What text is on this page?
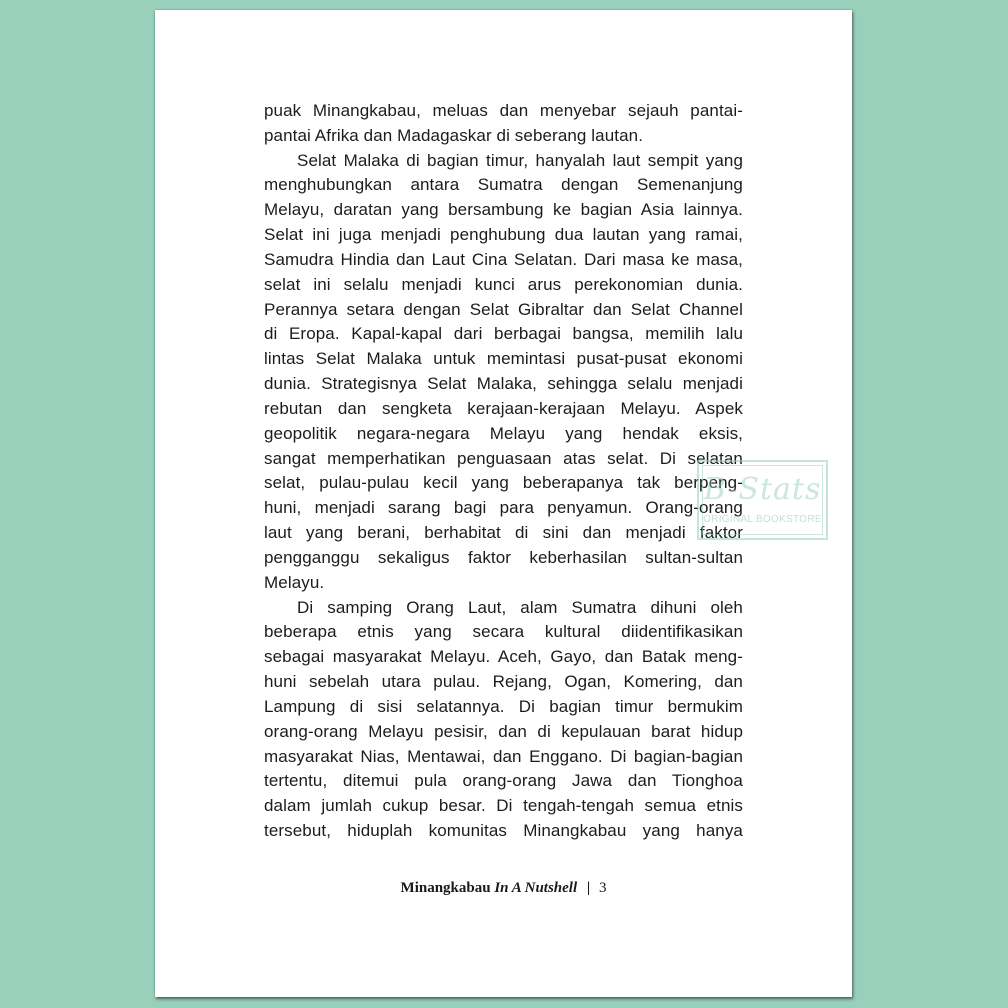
puak Minangkabau, meluas dan menyebar sejauh pantai-
pantai Afrika dan Madagaskar di seberang lautan.
Selat Malaka di bagian timur, hanyalah laut sempit yang
menghubungkan antara Sumatra dengan Semenanjung
Melayu, daratan yang bersambung ke bagian Asia lainnya.
Selat ini juga menjadi penghubung dua lautan yang ramai,
Samudra Hindia dan Laut Cina Selatan. Dari masa ke masa,
selat ini selalu menjadi kunci arus perekonomian dunia.
Perannya setara dengan Selat Gibraltar dan Selat Channel
di Eropa. Kapal-kapal dari berbagai bangsa, memilih lalu
lintas Selat Malaka untuk memintasi pusat-pusat ekonomi
dunia. Strategisnya Selat Malaka, sehingga selalu menjadi
rebutan dan sengketa kerajaan-kerajaan Melayu. Aspek
geopolitik negara-negara Melayu yang hendak eksis,
sangat memperhatikan penguasaan atas selat. Di selatan
selat, pulau-pulau kecil yang beberapanya tak berpeng-
huni, menjadi sarang bagi para penyamun. Orang-orang
laut yang berani, berhabitat di sini dan menjadi faktor
pengganggu sekaligus faktor keberhasilan sultan-sultan
Melayu.
Di samping Orang Laut, alam Sumatra dihuni oleh
beberapa etnis yang secara kultural diidentifikasikan
sebagai masyarakat Melayu. Aceh, Gayo, dan Batak meng-
huni sebelah utara pulau. Rejang, Ogan, Komering, dan
Lampung di sisi selatannya. Di bagian timur bermukim
orang-orang Melayu pesisir, dan di kepulauan barat hidup
masyarakat Nias, Mentawai, dan Enggano. Di bagian-bagian
tertentu, ditemui pula orang-orang Jawa dan Tionghoa
dalam jumlah cukup besar. Di tengah-tengah semua etnis
tersebut, hiduplah komunitas Minangkabau yang hanya
B-Stats
ORIGINAL BOOKSTORE
Minangkabau In A Nutshell | 3
